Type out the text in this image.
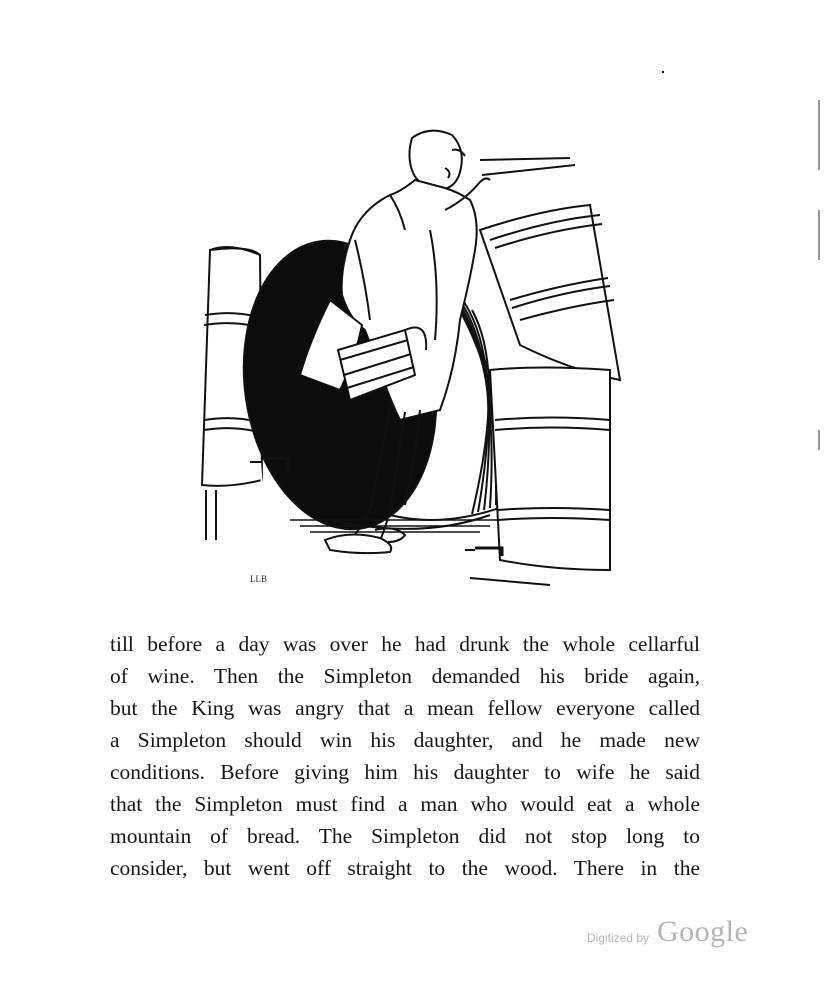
LLB
till before a day was over he had drunk the whole cellarful
of wine. Then the Simpleton demanded his bride again,
but the King was angry that a mean fellow everyone called
a Simpleton should win his daughter, and he made new
conditions. Before giving him his daughter to wife he said
that the Simpleton must find a man who would eat a whole
mountain of bread. The Simpleton did not stop long to
consider, but went off straight to the wood. There in the
Digitized by Google
